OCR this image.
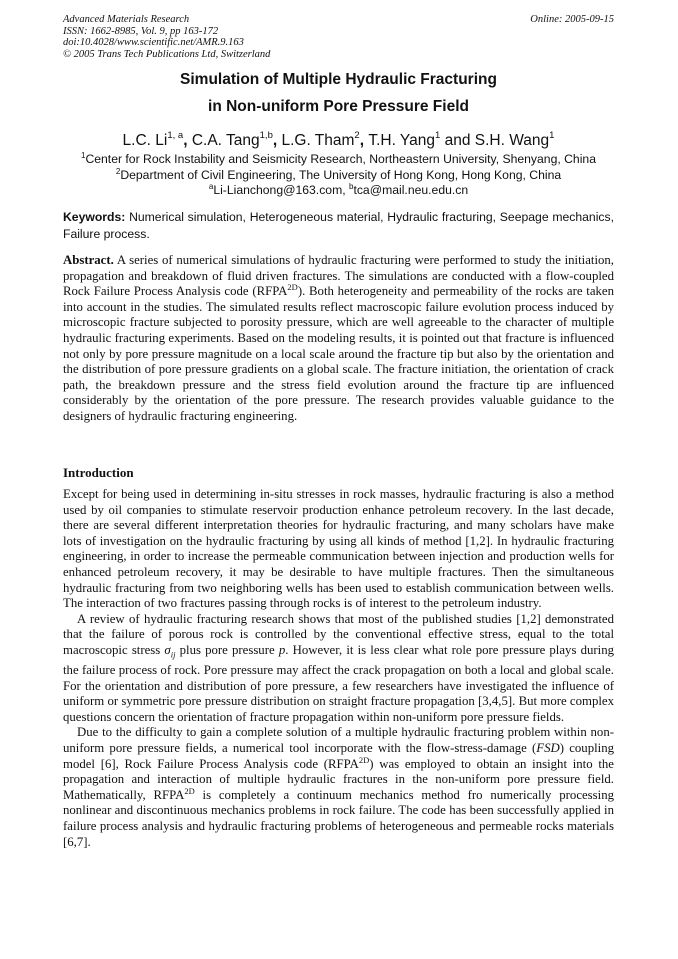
Advanced Materials Research
ISSN: 1662-8985, Vol. 9, pp 163-172
doi:10.4028/www.scientific.net/AMR.9.163
© 2005 Trans Tech Publications Ltd, Switzerland
Online: 2005-09-15
Simulation of Multiple Hydraulic Fracturing
in Non-uniform Pore Pressure Field
L.C. Li$^{1, a}$, C.A. Tang$^{1,b}$, L.G. Tham$^2$, T.H. Yang$^1$ and S.H. Wang$^1$
$^1$Center for Rock Instability and Seismicity Research, Northeastern University, Shenyang, China
$^2$Department of Civil Engineering, The University of Hong Kong, Hong Kong, China
$^a$Li-Lianchong@163.com, $^b$tca@mail.neu.edu.cn
Keywords: Numerical simulation, Heterogeneous material, Hydraulic fracturing, Seepage mechanics, Failure process.
Abstract. A series of numerical simulations of hydraulic fracturing were performed to study the initiation, propagation and breakdown of fluid driven fractures. The simulations are conducted with a flow-coupled Rock Failure Process Analysis code $(RFPA^{2D})$. Both heterogeneity and permeability of the rocks are taken into account in the studies. The simulated results reflect macroscopic failure evolution process induced by microscopic fracture subjected to porosity pressure, which are well agreeable to the character of multiple hydraulic fracturing experiments. Based on the modeling results, it is pointed out that fracture is influenced not only by pore pressure magnitude on a local scale around the fracture tip but also by the orientation and the distribution of pore pressure gradients on a global scale. The fracture initiation, the orientation of crack path, the breakdown pressure and the stress field evolution around the fracture tip are influenced considerably by the orientation of the pore pressure. The research provides valuable guidance to the designers of hydraulic fracturing engineering.
Introduction

Except for being used in determining in-situ stresses in rock masses, hydraulic fracturing is also a method used by oil companies to stimulate reservoir production enhance petroleum recovery. In the last decade, there are several different interpretation theories for hydraulic fracturing, and many scholars have make lots of investigation on the hydraulic fracturing by using all kinds of method [1,2]. In hydraulic fracturing engineering, in order to increase the permeable communication between injection and production wells for enhanced petroleum recovery, it may be desirable to have multiple fractures. Then the simultaneous hydraulic fracturing from two neighboring wells has been used to establish communication between wells. The interaction of two fractures passing through rocks is of interest to the petroleum industry.

A review of hydraulic fracturing research shows that most of the published studies [1,2] demonstrated that the failure of porous rock is controlled by the conventional effective stress, equal to the total macroscopic stress $\sigma_{ij}$ plus pore pressure p. However, it is less clear what role pore pressure plays during the failure process of rock. Pore pressure may affect the crack propagation on both a local and global scale. For the orientation and distribution of pore pressure, a few researchers have investigated the influence of uniform or symmetric pore pressure distribution on straight fracture propagation [3,4,5]. But more complex questions concern the orientation of fracture propagation within non-uniform pore pressure fields.

Due to the difficulty to gain a complete solution of a multiple hydraulic fracturing problem within non-uniform pore pressure fields, a numerical tool incorporate with the flow-stress-damage (FSD) coupling model [6], Rock Failure Process Analysis code $(RFPA^{2D})$ was employed to obtain an insight into the propagation and interaction of multiple hydraulic fractures in the non-uniform pore pressure field. Mathematically, $RFPA^{2D}$ is completely a continuum mechanics method fro numerically processing nonlinear and discontinuous mechanics problems in rock failure. The code has been successfully applied in failure process analysis and hydraulic fracturing problems of heterogeneous and permeable rocks materials [6,7].
